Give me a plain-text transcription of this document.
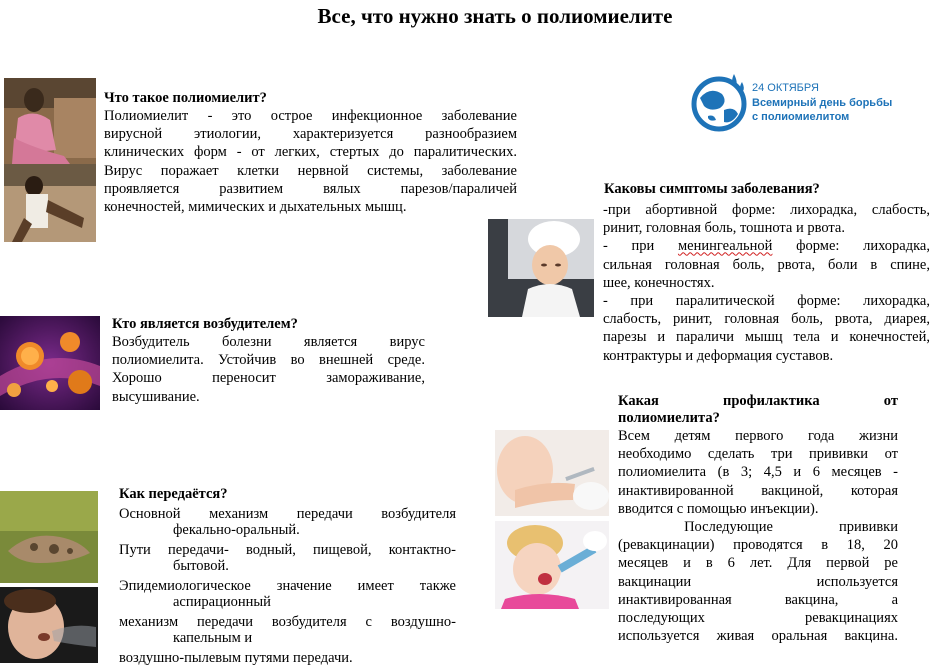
Все, что нужно знать о полиомиелите
Что такое полиомиелит?
Полиомиелит - это острое инфекционное заболевание
вирусной этиологии, характеризуется разнообразием
клинических форм - от легких, стертых до паралитических.
Вирус поражает клетки нервной системы, заболевание
проявляется развитием вялых парезов/параличей
конечностей, мимических и дыхательных мышц.
24 ОКТЯБРЯ
Всемирный день борьбы
с полиомиелитом
Каковы симптомы заболевания?
-при абортивной форме: лихорадка, слабость,
ринит, головная боль, тошнота и рвота.
- при менингеальной форме: лихорадка,
сильная головная боль, рвота, боли в спине,
шее, конечностях.
- при паралитической форме: лихорадка,
слабость, ринит, головная боль, рвота, диарея,
парезы и параличи мышц тела и конечностей,
контрактуры и деформация суставов.
Кто является возбудителем?
Возбудитель болезни является вирус
полиомиелита. Устойчив во внешней среде.
Хорошо переносит замораживание,
высушивание.	Какая профилактика от
полиомиелита?
Всем детям первого года жизни
необходимо сделать три прививки от
полиомиелита (в 3; 4,5 и 6 месяцев -
инактивированной вакциной, которая
вводится с помощью инъекции).
Последующие прививки
(ревакцинации) проводятся в 18, 20
месяцев и в 6 лет. Для первой ре
вакцинации используется
инактивированная вакцина, а
последующих ревакцинациях
используется живая оральная вакцина.
Как передаётся?
Основной механизм передачи возбудителя
фекально-оральный.
Пути передачи- водный, пищевой, контактно-
бытовой.
Эпидемиологическое значение имеет также
аспирационный
механизм передачи возбудителя с воздушно-
капельным и
воздушно-пылевым путями передачи.
